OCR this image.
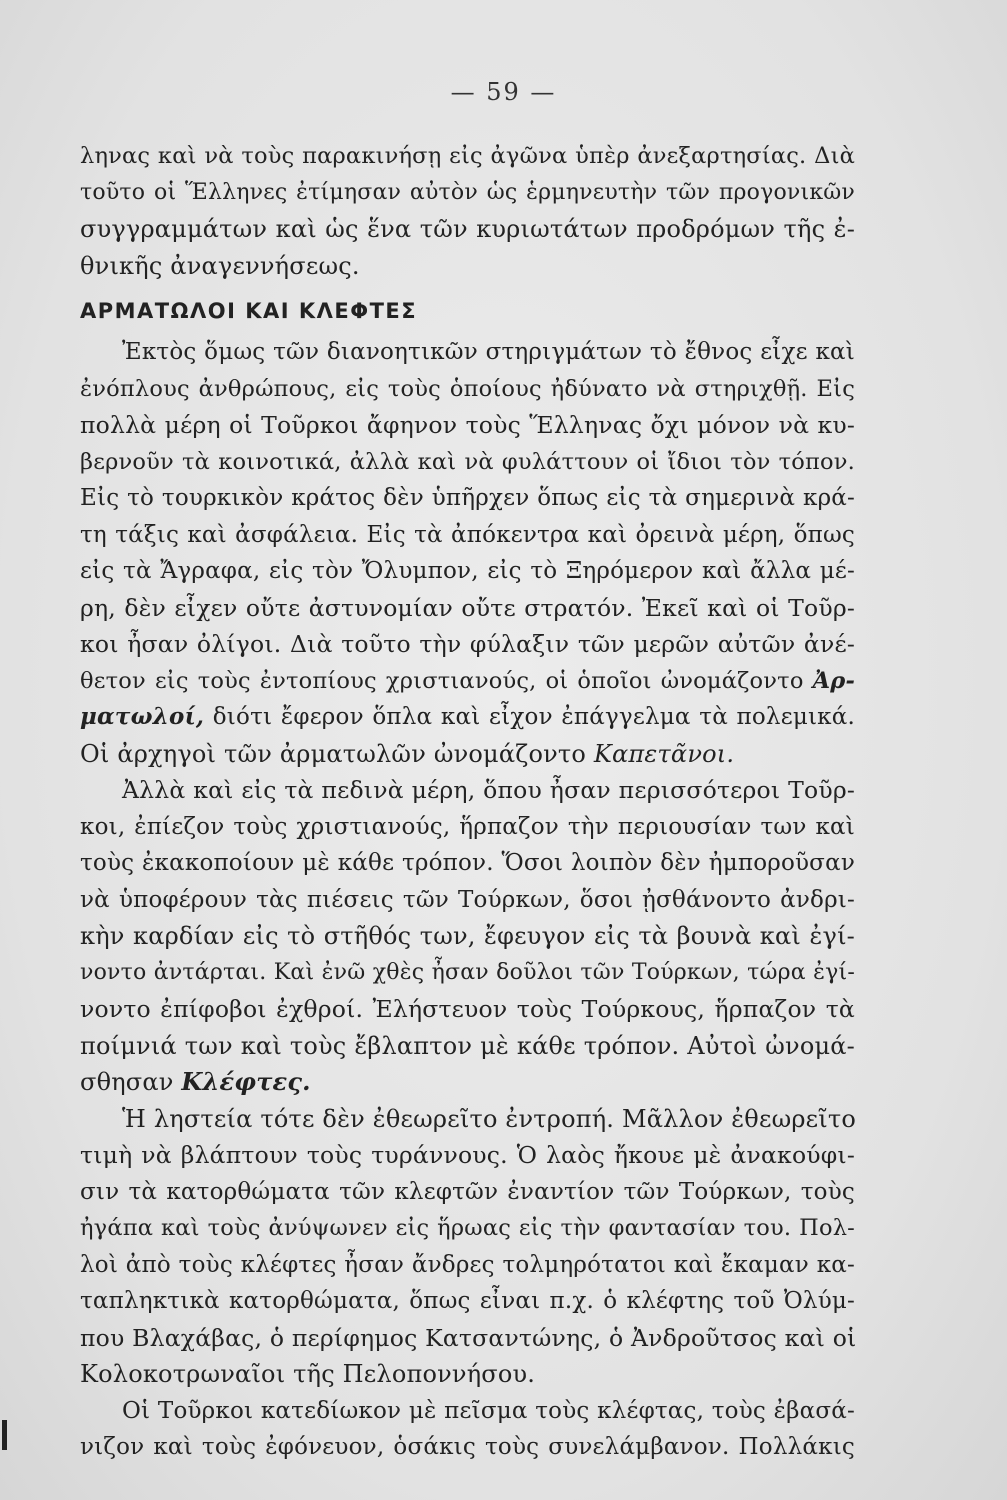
— 59 —
ληνας καὶ νὰ τοὺς παρακινήσῃ εἰς ἀγῶνα ὑπὲρ ἀνεξαρτησίας. Διὰ
τοῦτο οἱ Ἕλληνες ἐτίμησαν αὐτὸν ὡς ἑρμηνευτὴν τῶν προγονικῶν
συγγραμμάτων καὶ ὡς ἕνα τῶν κυριωτάτων προδρόμων τῆς ἐ-
θνικῆς ἀναγεννήσεως.
ΑΡΜΑΤΩΛΟΙ ΚΑΙ ΚΛΕΦΤΕΣ
Ἐκτὸς ὅμως τῶν διανοητικῶν στηριγμάτων τὸ ἔθνος εἶχε καὶ
ἐνόπλους ἀνθρώπους, εἰς τοὺς ὁποίους ἠδύνατο νὰ στηριχθῇ. Εἰς
πολλὰ μέρη οἱ Τοῦρκοι ἄφηνον τοὺς Ἕλληνας ὄχι μόνον νὰ κυ-
βερνοῦν τὰ κοινοτικά, ἀλλὰ καὶ νὰ φυλάττουν οἱ ἴδιοι τὸν τόπον.
Εἰς τὸ τουρκικὸν κράτος δὲν ὑπῆρχεν ὅπως εἰς τὰ σημερινὰ κρά-
τη τάξις καὶ ἀσφάλεια. Εἰς τὰ ἀπόκεντρα καὶ ὀρεινὰ μέρη, ὅπως
εἰς τὰ Ἄγραφα, εἰς τὸν Ὄλυμπον, εἰς τὸ Ξηρόμερον καὶ ἄλλα μέ-
ρη, δὲν εἶχεν οὔτε ἀστυνομίαν οὔτε στρατόν. Ἐκεῖ καὶ οἱ Τοῦρ-
κοι ἦσαν ὀλίγοι. Διὰ τοῦτο τὴν φύλαξιν τῶν μερῶν αὐτῶν ἀνέ-
θετον εἰς τοὺς ἐντοπίους χριστιανούς, οἱ ὁποῖοι ὠνομάζοντο Ἀρ-
ματωλοί, διότι ἔφερον ὅπλα καὶ εἶχον ἐπάγγελμα τὰ πολεμικά.
Οἱ ἀρχηγοὶ τῶν ἀρματωλῶν ὠνομάζοντο Καπετᾶνοι.
Ἀλλὰ καὶ εἰς τὰ πεδινὰ μέρη, ὅπου ἦσαν περισσότεροι Τοῦρ-
κοι, ἐπίεζον τοὺς χριστιανούς, ἥρπαζον τὴν περιουσίαν των καὶ
τοὺς ἐκακοποίουν μὲ κάθε τρόπον. Ὅσοι λοιπὸν δὲν ἠμποροῦσαν
νὰ ὑποφέρουν τὰς πιέσεις τῶν Τούρκων, ὅσοι ᾐσθάνοντο ἀνδρι-
κὴν καρδίαν εἰς τὸ στῆθός των, ἔφευγον εἰς τὰ βουνὰ καὶ ἐγί-
νοντο ἀντάρται. Καὶ ἐνῶ χθὲς ἦσαν δοῦλοι τῶν Τούρκων, τώρα ἐγί-
νοντο ἐπίφοβοι ἐχθροί. Ἐλήστευον τοὺς Τούρκους, ἥρπαζον τὰ
ποίμνιά των καὶ τοὺς ἔβλαπτον μὲ κάθε τρόπον. Αὐτοὶ ὠνομά-
σθησαν Κλέφτες.
Ἡ ληστεία τότε δὲν ἐθεωρεῖτο ἐντροπή. Μᾶλλον ἐθεωρεῖτο
τιμὴ νὰ βλάπτουν τοὺς τυράννους. Ὁ λαὸς ἤκουε μὲ ἀνακούφι-
σιν τὰ κατορθώματα τῶν κλεφτῶν ἐναντίον τῶν Τούρκων, τοὺς
ἠγάπα καὶ τοὺς ἀνύψωνεν εἰς ἥρωας εἰς τὴν φαντασίαν του. Πολ-
λοὶ ἀπὸ τοὺς κλέφτες ἦσαν ἄνδρες τολμηρότατοι καὶ ἔκαμαν κα-
ταπληκτικὰ κατορθώματα, ὅπως εἶναι π.χ. ὁ κλέφτης τοῦ Ὀλύμ-
που Βλαχάβας, ὁ περίφημος Κατσαντώνης, ὁ Ἀνδροῦτσος καὶ οἱ
Κολοκοτρωναῖοι τῆς Πελοποννήσου.
Οἱ Τοῦρκοι κατεδίωκον μὲ πεῖσμα τοὺς κλέφτας, τοὺς ἐβασά-
νιζον καὶ τοὺς ἐφόνευον, ὁσάκις τοὺς συνελάμβανον. Πολλάκις
